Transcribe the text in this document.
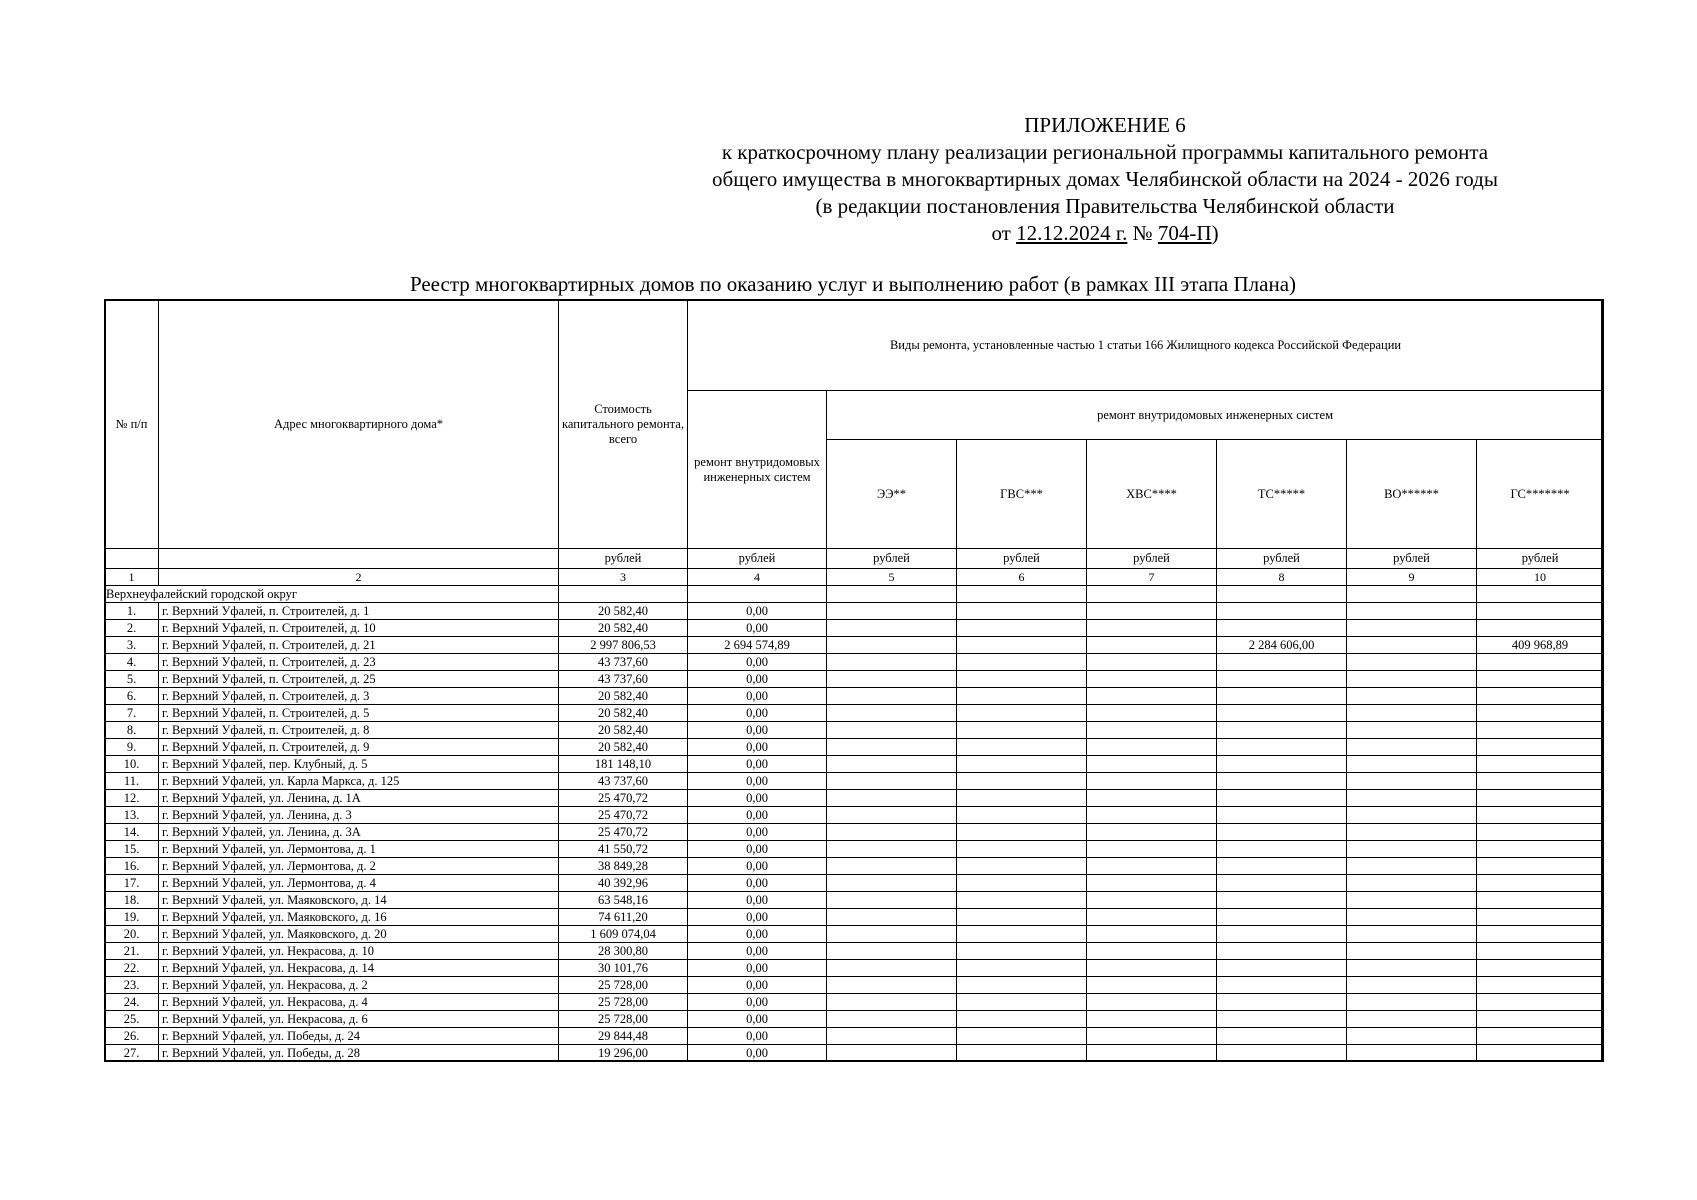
ПРИЛОЖЕНИЕ 6
к краткосрочному плану реализации региональной программы капитального ремонта
общего имущества в многоквартирных домах Челябинской области на 2024 - 2026 годы
(в редакции постановления Правительства Челябинской области
от 12.12.2024 г. № 704-П)
Реестр многоквартирных домов по оказанию услуг и выполнению работ (в рамках III этапа Плана)
№ п/п	Адрес многоквартирного дома*	Стоимость капитального ремонта, всего	Виды ремонта, установленные частью 1 статьи 166 Жилищного кодекса Российской Федерации						
			ремонт внутридомовых инженерных систем	ремонт внутридомовых инженерных систем					
				ЭЭ**	ГВС***	ХВС****	ТС*****	ВО******	ГС*******
		рублей	рублей	рублей	рублей	рублей	рублей	рублей	рублей
1	2	3	4	5	6	7	8	9	10
Верхнеуфалейский городской округ									
1.	г. Верхний Уфалей, п. Строителей, д. 1	20 582,40	0,00						
2.	г. Верхний Уфалей, п. Строителей, д. 10	20 582,40	0,00						
3.	г. Верхний Уфалей, п. Строителей, д. 21	2 997 806,53	2 694 574,89				2 284 606,00		409 968,89
4.	г. Верхний Уфалей, п. Строителей, д. 23	43 737,60	0,00						
5.	г. Верхний Уфалей, п. Строителей, д. 25	43 737,60	0,00						
6.	г. Верхний Уфалей, п. Строителей, д. 3	20 582,40	0,00						
7.	г. Верхний Уфалей, п. Строителей, д. 5	20 582,40	0,00						
8.	г. Верхний Уфалей, п. Строителей, д. 8	20 582,40	0,00						
9.	г. Верхний Уфалей, п. Строителей, д. 9	20 582,40	0,00						
10.	г. Верхний Уфалей, пер. Клубный, д. 5	181 148,10	0,00						
11.	г. Верхний Уфалей, ул. Карла Маркса, д. 125	43 737,60	0,00						
12.	г. Верхний Уфалей, ул. Ленина, д. 1А	25 470,72	0,00						
13.	г. Верхний Уфалей, ул. Ленина, д. 3	25 470,72	0,00						
14.	г. Верхний Уфалей, ул. Ленина, д. 3А	25 470,72	0,00						
15.	г. Верхний Уфалей, ул. Лермонтова, д. 1	41 550,72	0,00						
16.	г. Верхний Уфалей, ул. Лермонтова, д. 2	38 849,28	0,00						
17.	г. Верхний Уфалей, ул. Лермонтова, д. 4	40 392,96	0,00						
18.	г. Верхний Уфалей, ул. Маяковского, д. 14	63 548,16	0,00						
19.	г. Верхний Уфалей, ул. Маяковского, д. 16	74 611,20	0,00						
20.	г. Верхний Уфалей, ул. Маяковского, д. 20	1 609 074,04	0,00						
21.	г. Верхний Уфалей, ул. Некрасова, д. 10	28 300,80	0,00						
22.	г. Верхний Уфалей, ул. Некрасова, д. 14	30 101,76	0,00						
23.	г. Верхний Уфалей, ул. Некрасова, д. 2	25 728,00	0,00						
24.	г. Верхний Уфалей, ул. Некрасова, д. 4	25 728,00	0,00						
25.	г. Верхний Уфалей, ул. Некрасова, д. 6	25 728,00	0,00						
26.	г. Верхний Уфалей, ул. Победы, д. 24	29 844,48	0,00						
27.	г. Верхний Уфалей, ул. Победы, д. 28	19 296,00	0,00						
